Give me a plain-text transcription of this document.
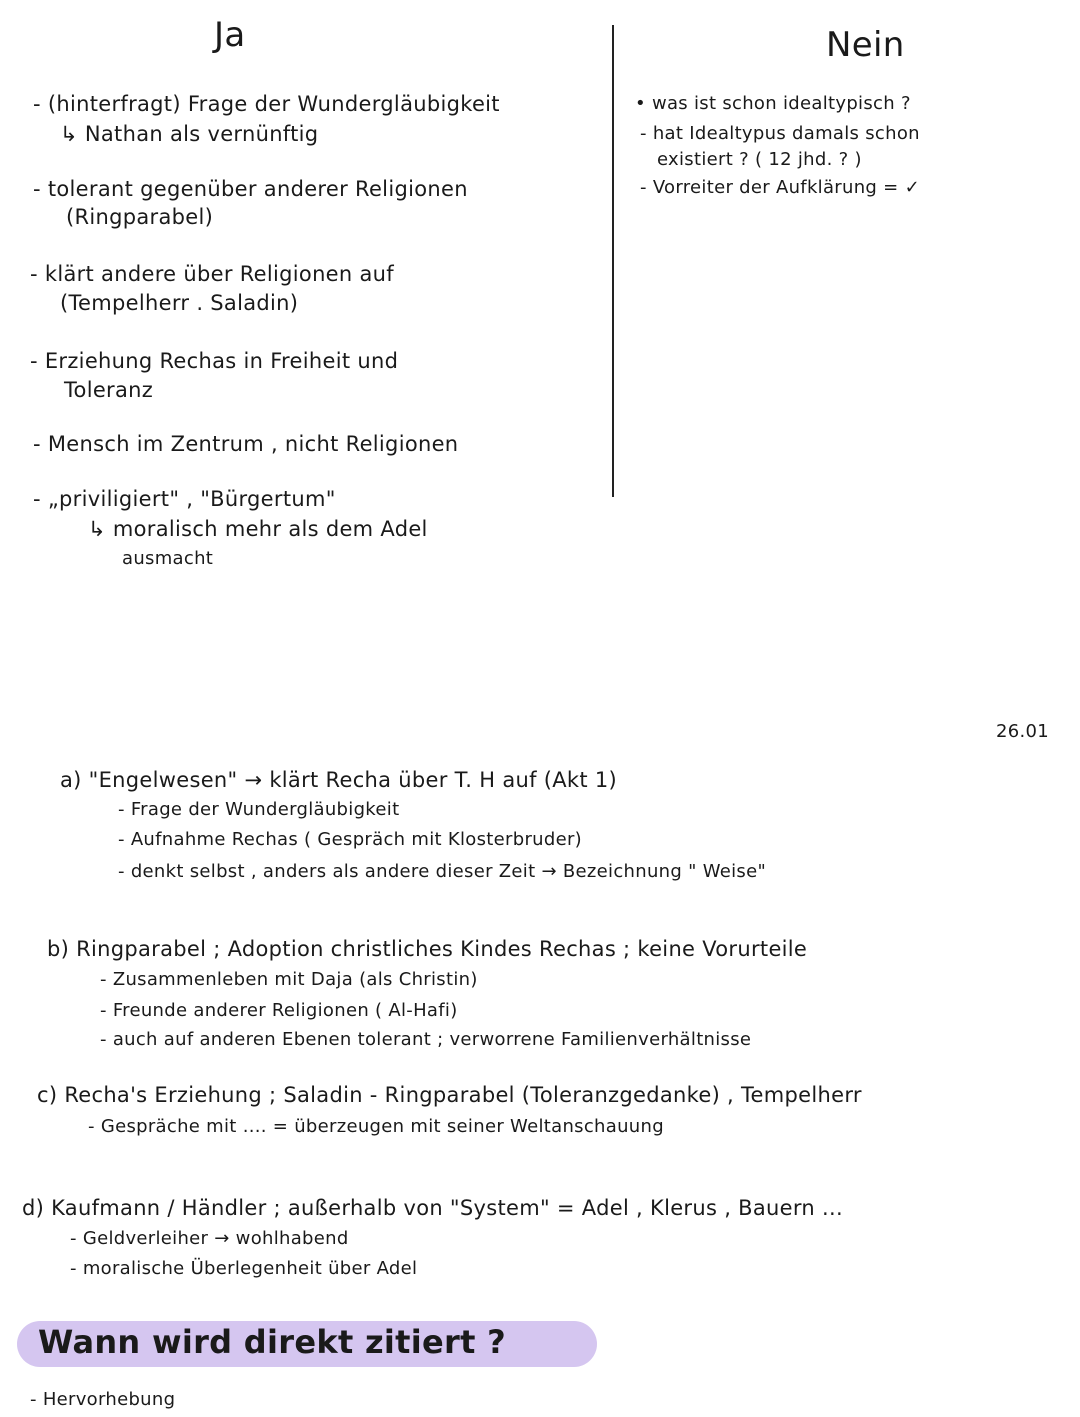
Ja	Nein
- (hinterfragt) Frage der Wundergläubigkeit
↳ Nathan als vernünftig
- tolerant gegenüber anderer Religionen
(Ringparabel)
- klärt andere über Religionen auf
(Tempelherr . Saladin)
- Erziehung Rechas in Freiheit und
Toleranz
- Mensch im Zentrum , nicht Religionen
- „priviligiert" , "Bürgertum"
↳ moralisch mehr als dem Adel
ausmacht
• was ist schon idealtypisch ?
- hat Idealtypus damals schon
existiert ? ( 12 jhd. ? )
- Vorreiter der Aufklärung = ✓
26.01
a) "Engelwesen" → klärt Recha über T. H auf (Akt 1)
- Frage der Wundergläubigkeit
- Aufnahme Rechas ( Gespräch mit Klosterbruder)
- denkt selbst , anders als andere dieser Zeit → Bezeichnung " Weise"
b) Ringparabel ; Adoption christliches Kindes Rechas ; keine Vorurteile
- Zusammenleben mit Daja (als Christin)
- Freunde anderer Religionen ( Al-Hafi)
- auch auf anderen Ebenen tolerant ; verworrene Familienverhältnisse
c) Recha's Erziehung ; Saladin - Ringparabel (Toleranzgedanke) , Tempelherr
- Gespräche mit .... = überzeugen mit seiner Weltanschauung
d) Kaufmann / Händler ; außerhalb von "System" = Adel , Klerus , Bauern ...
- Geldverleiher → wohlhabend
- moralische Überlegenheit über Adel
Wann wird direkt zitiert ?
- Hervorhebung
